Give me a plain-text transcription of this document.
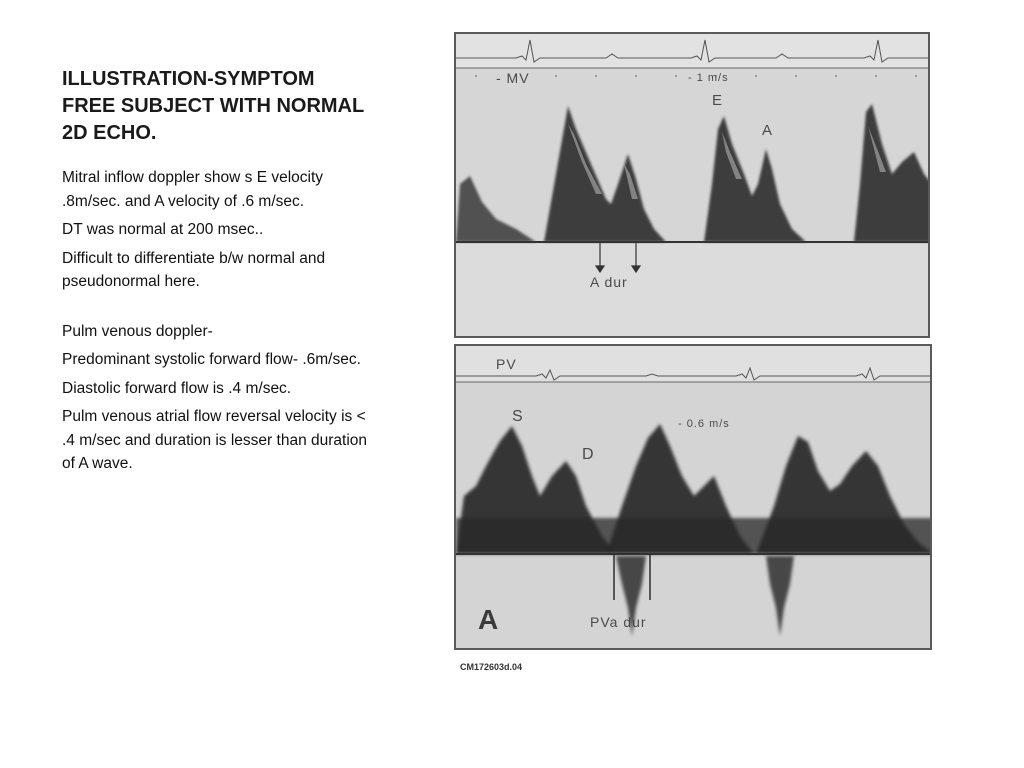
ILLUSTRATION-SYMPTOM
FREE SUBJECT WITH NORMAL
2D ECHO.

Mitral inflow doppler show s E velocity .8m/sec. and A velocity of .6 m/sec.

DT was normal at 200 msec..

Difficult to differentiate b/w normal and pseudonormal here.

Pulm venous doppler-

Predominant systolic forward flow- .6m/sec.

Diastolic forward flow is .4 m/sec.

Pulm venous atrial flow reversal velocity is < .4 m/sec and duration is lesser than duration of A wave.

- MV	- 1 m/s
E
A
A dur
PV
- 0.6 m/s
S
D
PVa dur
A
CM172603d.04
